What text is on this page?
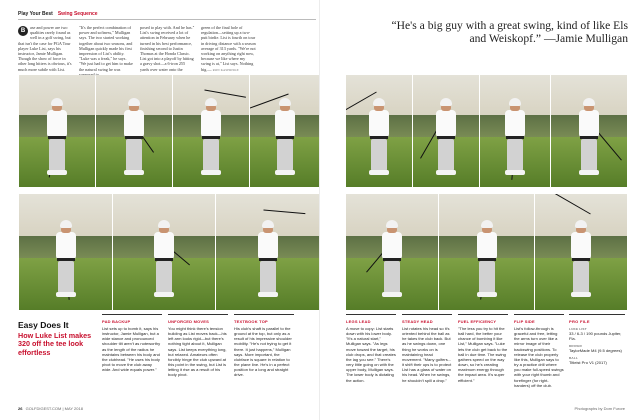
Play Your Best Swing Sequence
B
ase and power are two qualities rarely found as well in a golf swing, but that isn't the case for PGA Tour player Luke List, says his instructor, Jamie Mulligan. Though the show of force in other long hitters is obvious, it's much more subtle with List.
"It's the perfect combination of power and softness," Mulligan says. The two started working together about two seasons, and Mulligan quickly made his first impression of List's ability. "Luke was a freak," he says. "We just had to get him to make the natural swing he was
posed to play with. And he has." List's swing received a lot of attention in February when he turned in his best performance, finishing second to Justin Thomas at the Honda Classic. List got into a playoff by hitting a gravy shot—a 6-iron 255 yards over water onto the
green of the final hole of regulation—setting up a two-putt birdie. List is fourth on tour in driving distance with a season average of 313 yards. "We're not working on anything right now, because we like where my swing is at," List says. Nothing big.— RON KASPRISKE
“He's a big guy with a great swing, kind of like Els and Weiskopf.” —Jamie Mulligan
Easy Does It
How Luke List makes 320 off the tee look effortless
PAD BACKUP
List sets up to bomb it, says his instructor, Jamie Mulligan, but a wide stance and pronounced shoulder tilt aren't as noteworthy as the length of the radius he maintains between his body and the clubhead. "He uses his body pivot to move the club away wide. And wide equals power."
UNFORCED MOVES
You might think there's tension building as List moves back—his left arm looks rigid—but there's nothing tight about it, Mulligan says. List keeps everything long, but relaxed. Amateurs often forcibly hinge the club upward at this point in the swing, but List is letting it rise as a result of his body pivot.
TEXTBOOK TOP
His club's shaft is parallel to the ground at the top, but only as a result of his impressive shoulder mobility. "He's not trying to get it there. It just happens," Mulligan says. More important, the clubface is square in relation to the plane line. He's in a perfect position for a long and straight drive.
LEGS LEAD
A move to copy: List starts down with his lower body. "It's a natural start," Mulligan says. "As legs move toward the target, his club drops, and that creates the lag you see." There's very little going on with the upper body, Mulligan says. The lower body is dictating the action.
STEADY HEAD
List rotates his head so it's oriented behind the ball as he takes the club back. But as he swings down, one thing he works on is maintaining head movement. "Many golfers... it shift their ups is to protect List has a glass of water on his head. When he swings, he shouldn't spill a drop."
FUEL EFFICIENCY
"The less you try to hit the ball hard, the better your chance of bombing it like List," Mulligan says. "Luke lets the club get back to the ball in due time. The swing gathers speed on the way down, so he's creating maximum energy through the impact area. It's super efficient."
FLIP SIDE
List's follow-through is graceful and free, letting the arms turn over like a mirror image of their backswing positions. To release the club properly like this, Mulligan says to try a practice drill where you make full-speed swings with your right thumb and forefinger (for right-handers) off the club.
PRO FILE
LUKE LIST
33 / 6-3 / 190 pounds Jupiter, Fla.
DRIVER
TaylorMade M4 (9.5 degrees)
BALL
Titleist Pro V1 (2017)
26 GOLFDIGEST.COM | MAY 2018	Photographs by Dom Furore
